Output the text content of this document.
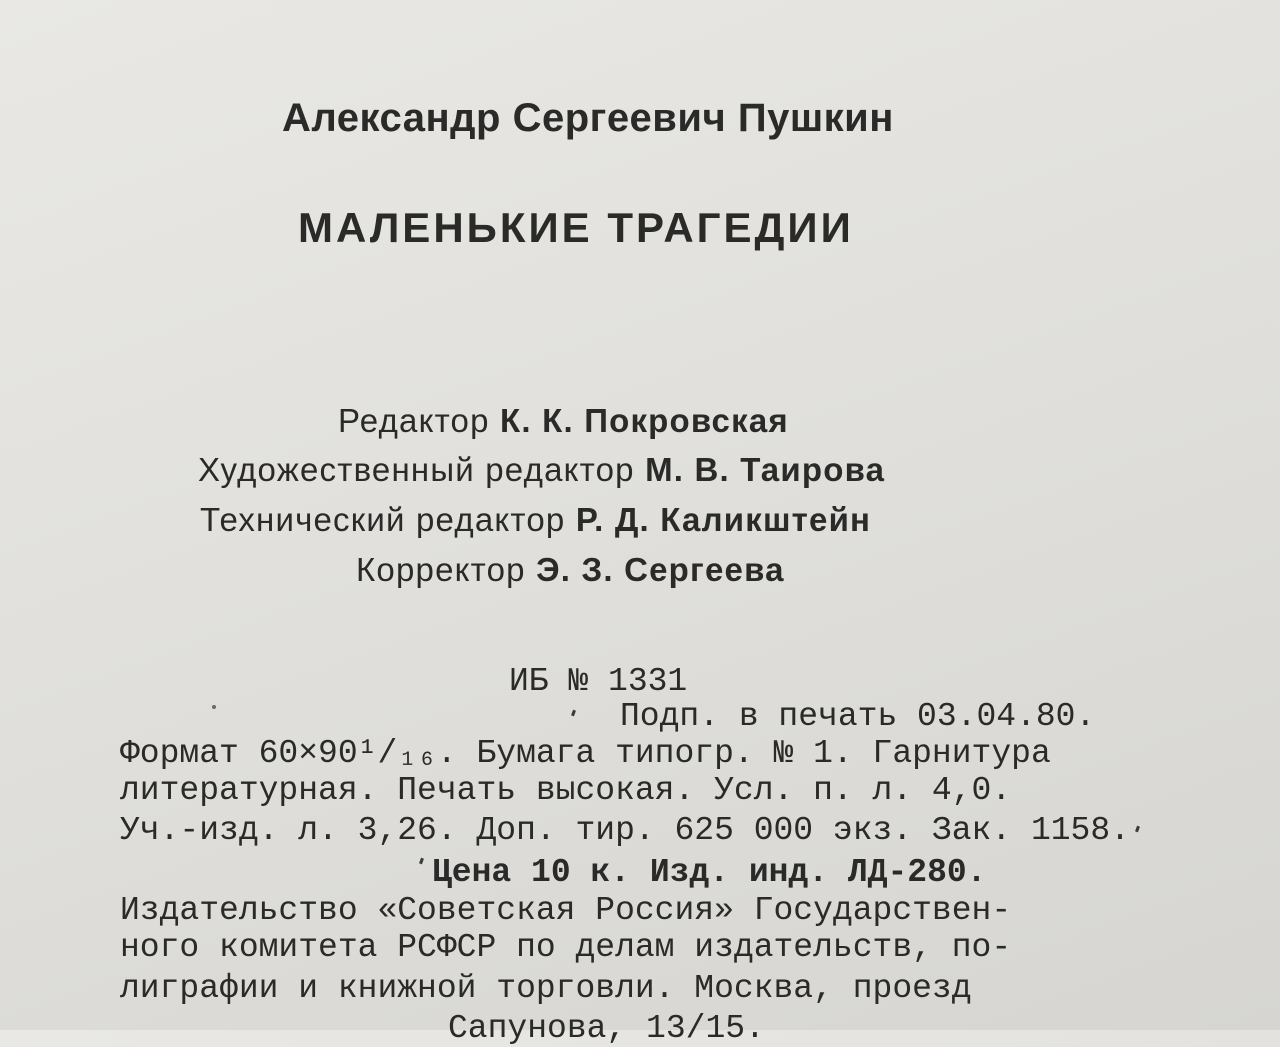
Александр Сергеевич Пушкин

МАЛЕНЬКИЕ ТРАГЕДИИ

Редактор К. К. Покровская

Художественный редактор М. В. Таирова

Технический редактор Р. Д. Каликштейн

Корректор Э. З. Сергеева

ИБ № 1331

Подп. в печать 03.04.80.

Формат 60×90¹/₁₆. Бумага типогр. № 1. Гарнитура

литературная. Печать высокая. Усл. п. л. 4,0.

Уч.-изд. л. 3,26. Доп. тир. 625 000 экз. Зак. 1158.

Цена 10 к. Изд. инд. ЛД-280.

Издательство «Советская Россия» Государствен-

ного комитета РСФСР по делам издательств, по-

лиграфии и книжной торговли. Москва, проезд

Сапунова, 13/15.
